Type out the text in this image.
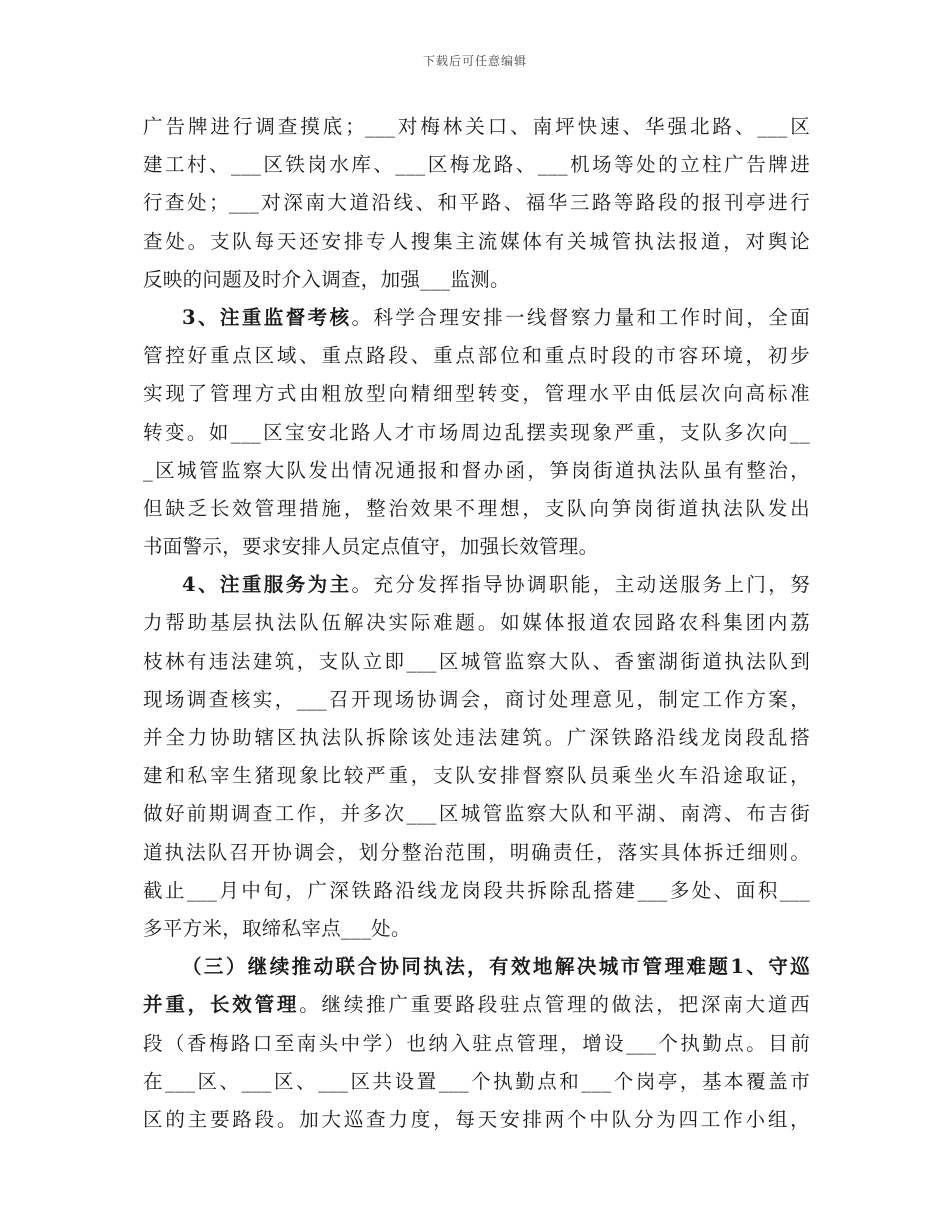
下载后可任意编辑
广告牌进行调查摸底；___对梅林关口、南坪快速、华强北路、___区
建工村、___区铁岗水库、___区梅龙路、___机场等处的立柱广告牌进
行查处；___对深南大道沿线、和平路、福华三路等路段的报刊亭进行
查处。支队每天还安排专人搜集主流媒体有关城管执法报道，对舆论
反映的问题及时介入调查，加强___监测。
3、注重监督考核。科学合理安排一线督察力量和工作时间，全面
管控好重点区域、重点路段、重点部位和重点时段的市容环境，初步
实现了管理方式由粗放型向精细型转变，管理水平由低层次向高标准
转变。如___区宝安北路人才市场周边乱摆卖现象严重，支队多次向__
_区城管监察大队发出情况通报和督办函，笋岗街道执法队虽有整治，
但缺乏长效管理措施，整治效果不理想，支队向笋岗街道执法队发出
书面警示，要求安排人员定点值守，加强长效管理。
4、注重服务为主。充分发挥指导协调职能，主动送服务上门，努
力帮助基层执法队伍解决实际难题。如媒体报道农园路农科集团内荔
枝林有违法建筑，支队立即___区城管监察大队、香蜜湖街道执法队到
现场调查核实，___召开现场协调会，商讨处理意见，制定工作方案，
并全力协助辖区执法队拆除该处违法建筑。广深铁路沿线龙岗段乱搭
建和私宰生猪现象比较严重，支队安排督察队员乘坐火车沿途取证，
做好前期调查工作，并多次___区城管监察大队和平湖、南湾、布吉街
道执法队召开协调会，划分整治范围，明确责任，落实具体拆迁细则。
截止___月中旬，广深铁路沿线龙岗段共拆除乱搭建___多处、面积___
多平方米，取缔私宰点___处。
（三）继续推动联合协同执法，有效地解决城市管理难题1、守巡
并重，长效管理。继续推广重要路段驻点管理的做法，把深南大道西
段（香梅路口至南头中学）也纳入驻点管理，增设___个执勤点。目前
在___区、___区、___区共设置___个执勤点和___个岗亭，基本覆盖市
区的主要路段。加大巡查力度，每天安排两个中队分为四工作小组，
